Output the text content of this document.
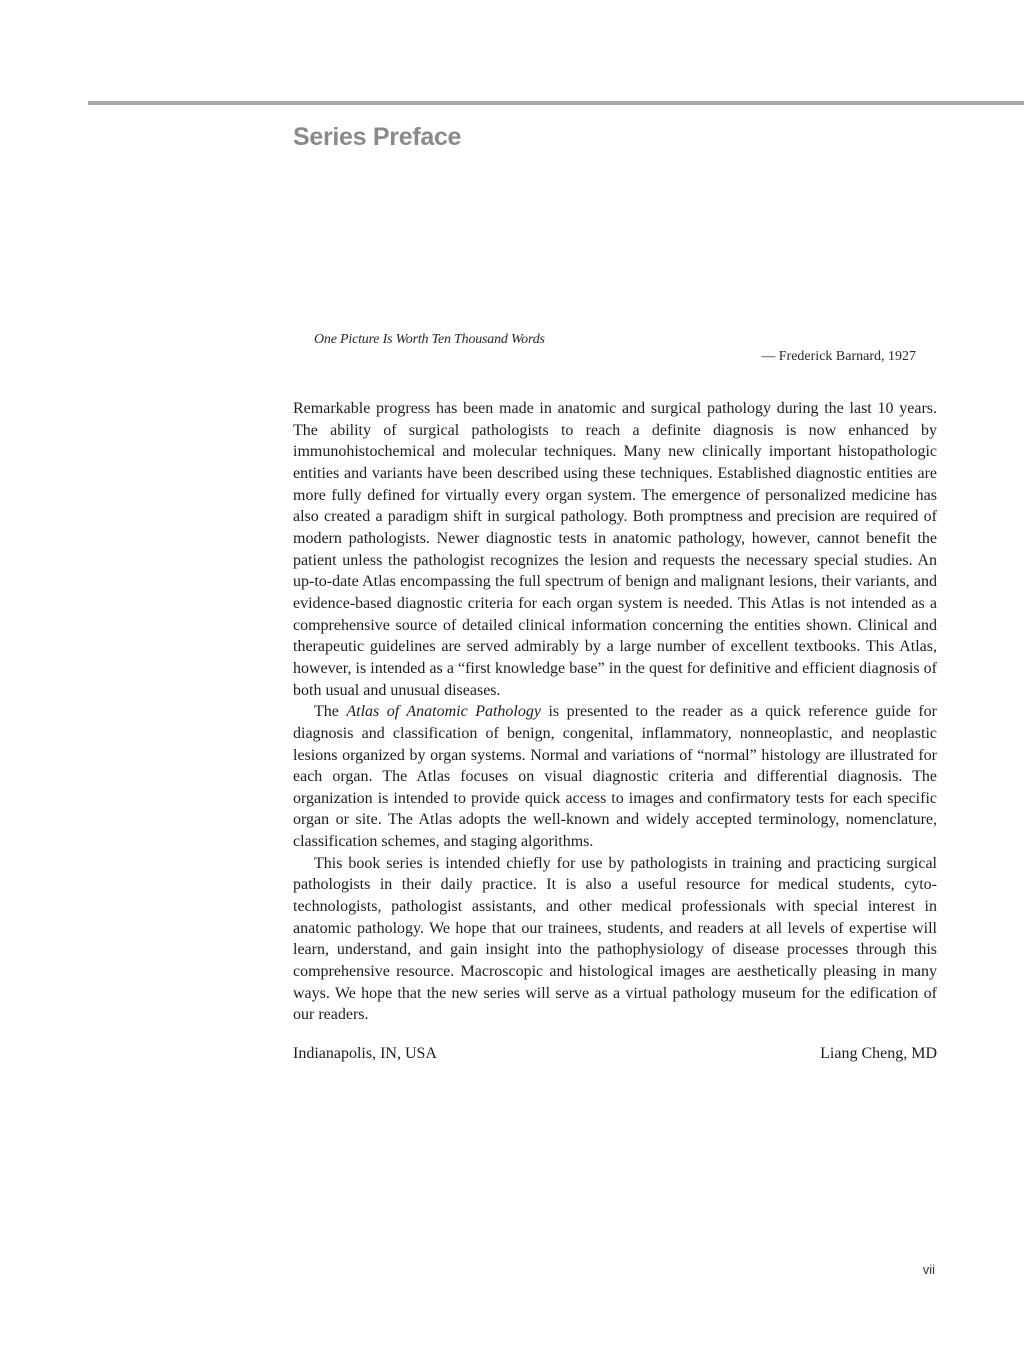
Series Preface
One Picture Is Worth Ten Thousand Words
— Frederick Barnard, 1927

Remarkable progress has been made in anatomic and surgical pathology during the last 10 years. The ability of surgical pathologists to reach a definite diagnosis is now enhanced by immunohistochemical and molecular techniques. Many new clinically important histopathologic entities and variants have been described using these techniques. Established diagnostic entities are more fully defined for virtually every organ system. The emergence of personalized medicine has also created a paradigm shift in surgical pathology. Both promptness and precision are required of modern pathologists. Newer diagnostic tests in anatomic pathology, however, cannot benefit the patient unless the pathologist recognizes the lesion and requests the necessary special studies. An up-to-date Atlas encompassing the full spectrum of benign and malignant lesions, their variants, and evidence-based diagnostic criteria for each organ system is needed. This Atlas is not intended as a comprehensive source of detailed clinical information concerning the entities shown. Clinical and therapeutic guidelines are served admirably by a large number of excellent textbooks. This Atlas, however, is intended as a “first knowledge base” in the quest for definitive and efficient diagnosis of both usual and unusual diseases.

The Atlas of Anatomic Pathology is presented to the reader as a quick reference guide for diagnosis and classification of benign, congenital, inflammatory, nonneoplastic, and neoplastic lesions organized by organ systems. Normal and variations of “normal” histology are illustrated for each organ. The Atlas focuses on visual diagnostic criteria and differential diagnosis. The organization is intended to provide quick access to images and confirmatory tests for each specific organ or site. The Atlas adopts the well-known and widely accepted terminology, nomenclature, classification schemes, and staging algorithms.

This book series is intended chiefly for use by pathologists in training and practicing surgical pathologists in their daily practice. It is also a useful resource for medical students, cytotechnologists, pathologist assistants, and other medical professionals with special interest in anatomic pathology. We hope that our trainees, students, and readers at all levels of expertise will learn, understand, and gain insight into the pathophysiology of disease processes through this comprehensive resource. Macroscopic and histological images are aesthetically pleasing in many ways. We hope that the new series will serve as a virtual pathology museum for the edification of our readers.

Indianapolis, IN, USA	Liang Cheng, MD
vii
